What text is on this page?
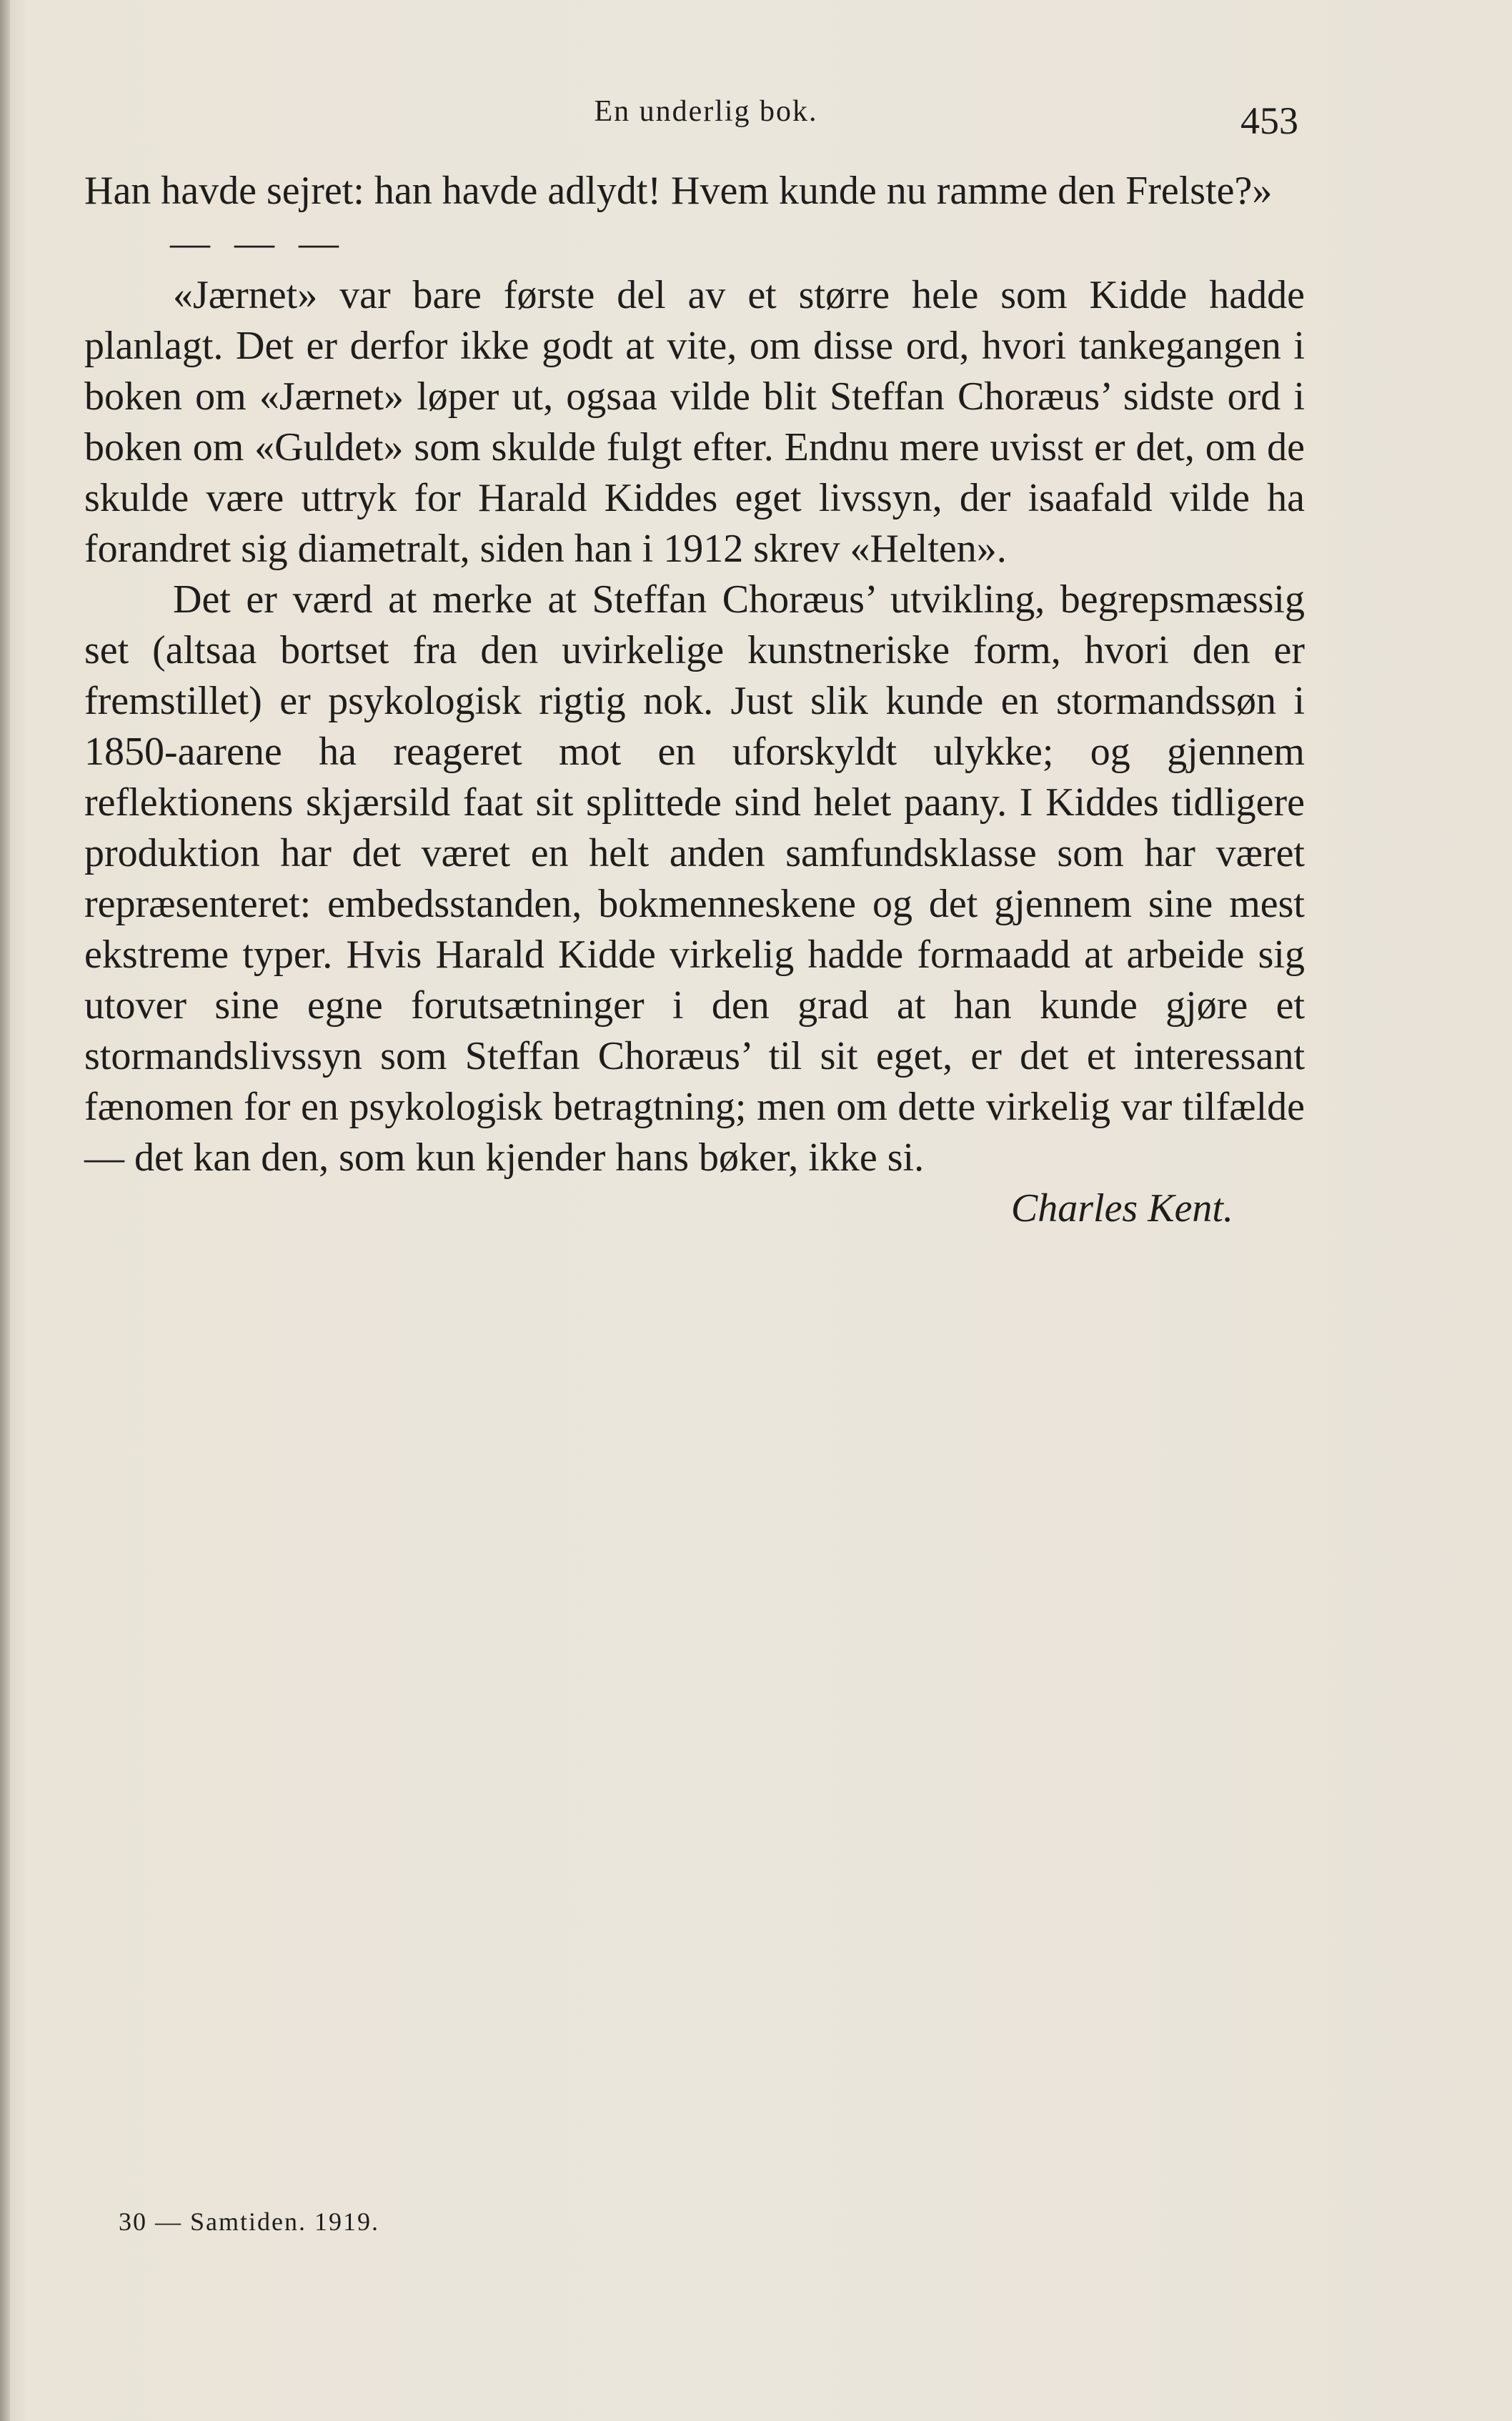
En underlig bok.	453

Han havde sejret: han havde adlydt! Hvem kunde nu ramme den Frelste?»

— — —

«Jærnet» var bare første del av et større hele som Kidde hadde planlagt. Det er derfor ikke godt at vite, om disse ord, hvori tankegangen i boken om «Jærnet» løper ut, ogsaa vilde blit Steffan Choræus’ sidste ord i boken om «Guldet» som skulde fulgt efter. Endnu mere uvisst er det, om de skulde være uttryk for Harald Kiddes eget livssyn, der isaafald vilde ha forandret sig diametralt, siden han i 1912 skrev «Helten».

Det er værd at merke at Steffan Choræus’ utvikling, begrepsmæssig set (altsaa bortset fra den uvirkelige kunstneriske form, hvori den er fremstillet) er psykologisk rigtig nok. Just slik kunde en stormandssøn i 1850-aarene ha reageret mot en uforskyldt ulykke; og gjennem reflektionens skjærsild faat sit splittede sind helet paany. I Kiddes tidligere produktion har det været en helt anden samfundsklasse som har været repræsenteret: embedsstanden, bokmenneskene og det gjennem sine mest ekstreme typer. Hvis Harald Kidde virkelig hadde formaadd at arbeide sig utover sine egne forutsætninger i den grad at han kunde gjøre et stormandslivssyn som Steffan Choræus’ til sit eget, er det et interessant fænomen for en psykologisk betragtning; men om dette virkelig var tilfælde — det kan den, som kun kjender hans bøker, ikke si.

Charles Kent.

30 — Samtiden. 1919.
